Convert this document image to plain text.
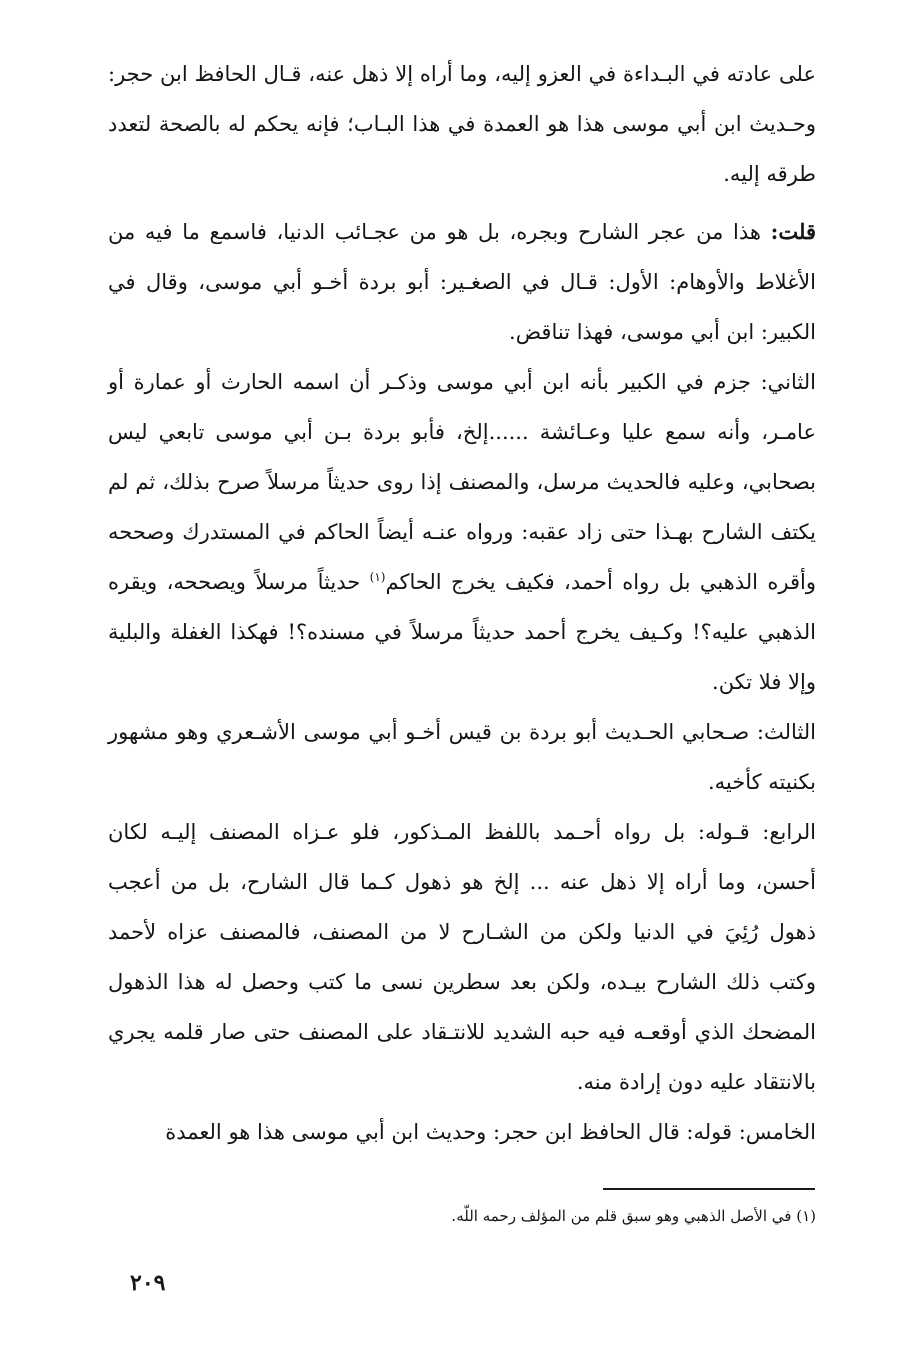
على عادته في البـداءة في العزو إليه، وما أراه إلا ذهل عنه، قـال الحافظ ابن حجر: وحـديث ابن أبي موسى هذا هو العمدة في هذا البـاب؛ فإنه يحكم له بالصحة لتعدد طرقه إليه.

قلت: هذا من عجر الشارح وبجره، بل هو من عجـائب الدنيا، فاسمع ما فيه من الأغلاط والأوهام: الأول: قـال في الصغـير: أبو بردة أخـو أبي موسى، وقال في الكبير: ابن أبي موسى، فهذا تناقض.

الثاني: جزم في الكبير بأنه ابن أبي موسى وذكـر أن اسمه الحارث أو عمارة أو عامـر، وأنه سمع عليا وعـائشة ......إلخ، فأبو بردة بـن أبي موسى تابعي ليس بصحابي، وعليه فالحديث مرسل، والمصنف إذا روى حديثاً مرسلاً صرح بذلك، ثم لم يكتف الشارح بهـذا حتى زاد عقبه: ورواه عنـه أيضاً الحاكم في المستدرك وصححه وأقره الذهبي بل رواه أحمد، فكيف يخرج الحاكم$^{(١)}$ حديثاً مرسلاً ويصححه، ويقره الذهبي عليه؟! وكـيف يخرج أحمد حديثاً مرسلاً في مسنده؟! فهكذا الغفلة والبلية وإلا فلا تكن.

الثالث: صـحابي الحـديث أبو بردة بن قيس أخـو أبي موسى الأشـعري وهو مشهور بكنيته كأخيه.

الرابع: قـوله: بل رواه أحـمد باللفظ المـذكور، فلو عـزاه المصنف إليـه لكان أحسن، وما أراه إلا ذهل عنه ... إلخ هو ذهول كـما قال الشارح، بل من أعجب ذهول رُئِيَ في الدنيا ولكن من الشـارح لا من المصنف، فالمصنف عزاه لأحمد وكتب ذلك الشارح بيـده، ولكن بعد سطرين نسى ما كتب وحصل له هذا الذهول المضحك الذي أوقعـه فيه حبه الشديد للانتـقاد على المصنف حتى صار قلمه يجري بالانتقاد عليه دون إرادة منه.

الخامس: قوله: قال الحافظ ابن حجر: وحديث ابن أبي موسى هذا هو العمدة

(١) في الأصل الذهبي وهو سبق قلم من المؤلف رحمه اللّه.

٢٠٩
